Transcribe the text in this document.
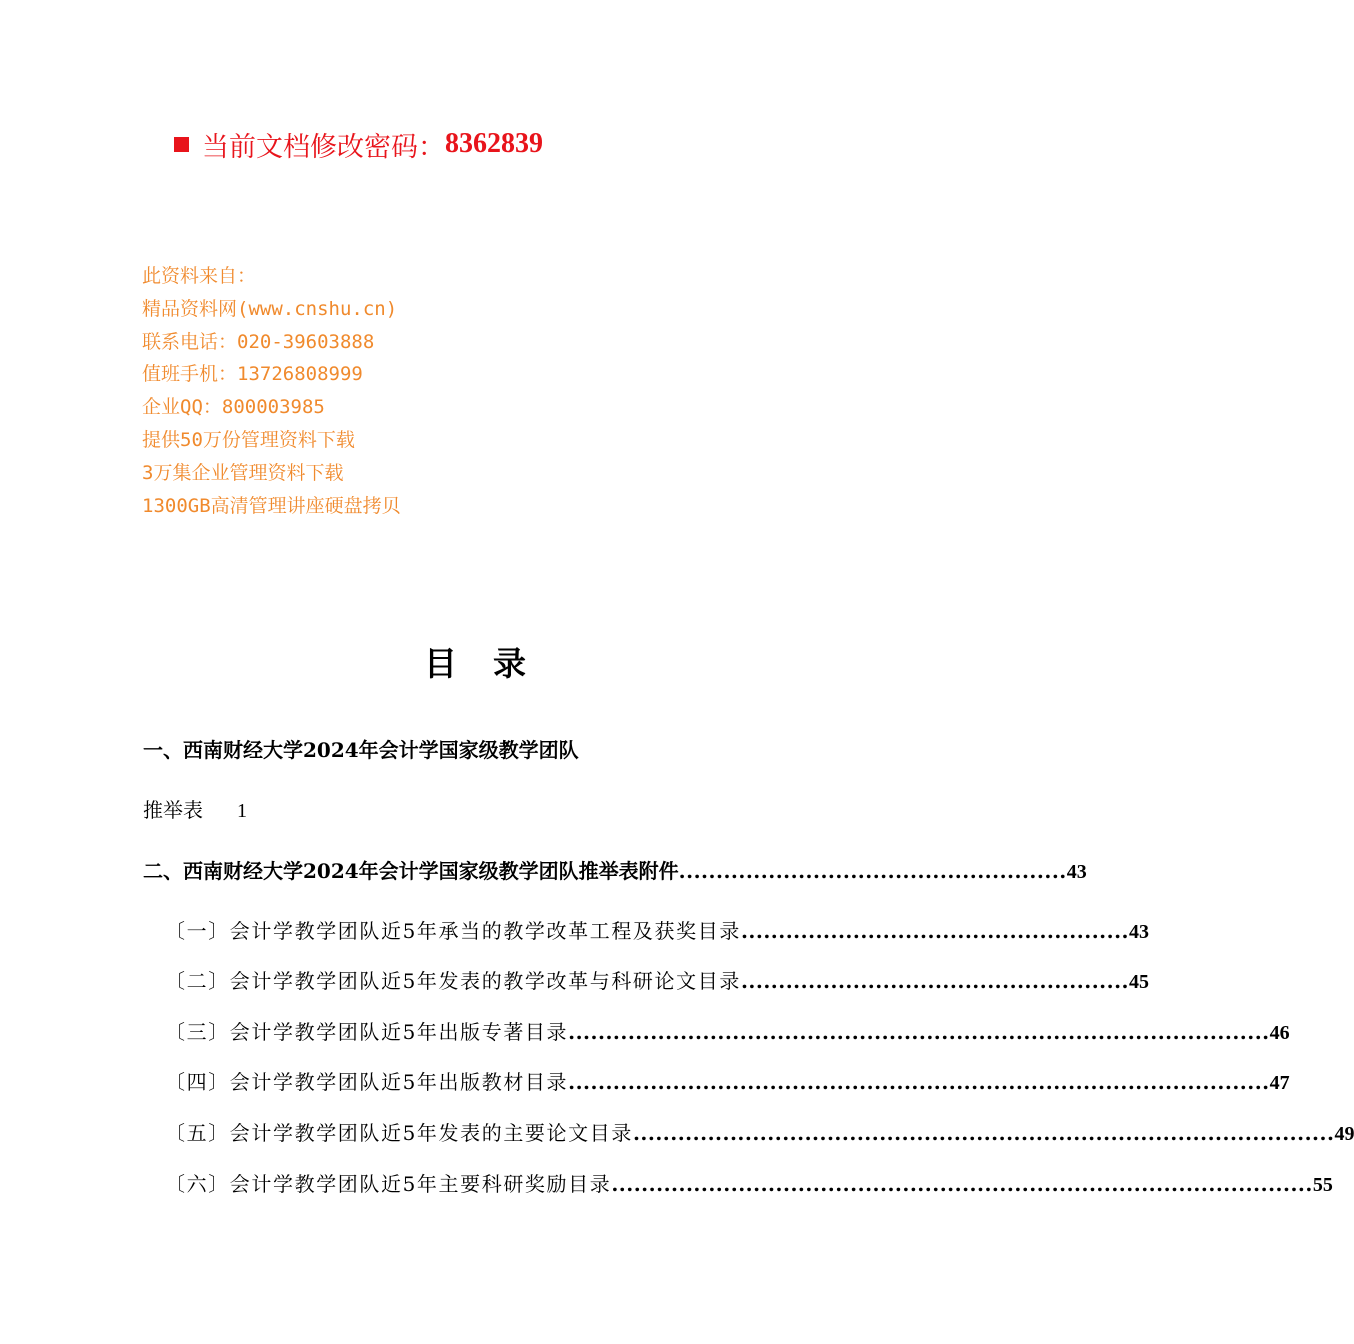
当前文档修改密码： 8362839
此资料来自：
精品资料网(www.cnshu.cn)
联系电话：020-39603888
值班手机：13726808999
企业QQ：800003985
提供50万份管理资料下载
3万集企业管理资料下载
1300GB高清管理讲座硬盘拷贝
目录
一、西南财经大学2024年会计学国家级教学团队
推举表 1
二、西南财经大学2024年会计学国家级教学团队推举表附件 .................................................... 43
〔一〕会计学教学团队近5年承当的教学改革工程及获奖目录 .................................................... 43
〔二〕会计学教学团队近5年发表的教学改革与科研论文目录 .................................................... 45
〔三〕会计学教学团队近5年出版专著目录 .............................................................................................. 46
〔四〕会计学教学团队近5年出版教材目录 .............................................................................................. 47
〔五〕会计学教学团队近5年发表的主要论文目录 .............................................................................................. 49
〔六〕会计学教学团队近5年主要科研奖励目录 .............................................................................................. 55
